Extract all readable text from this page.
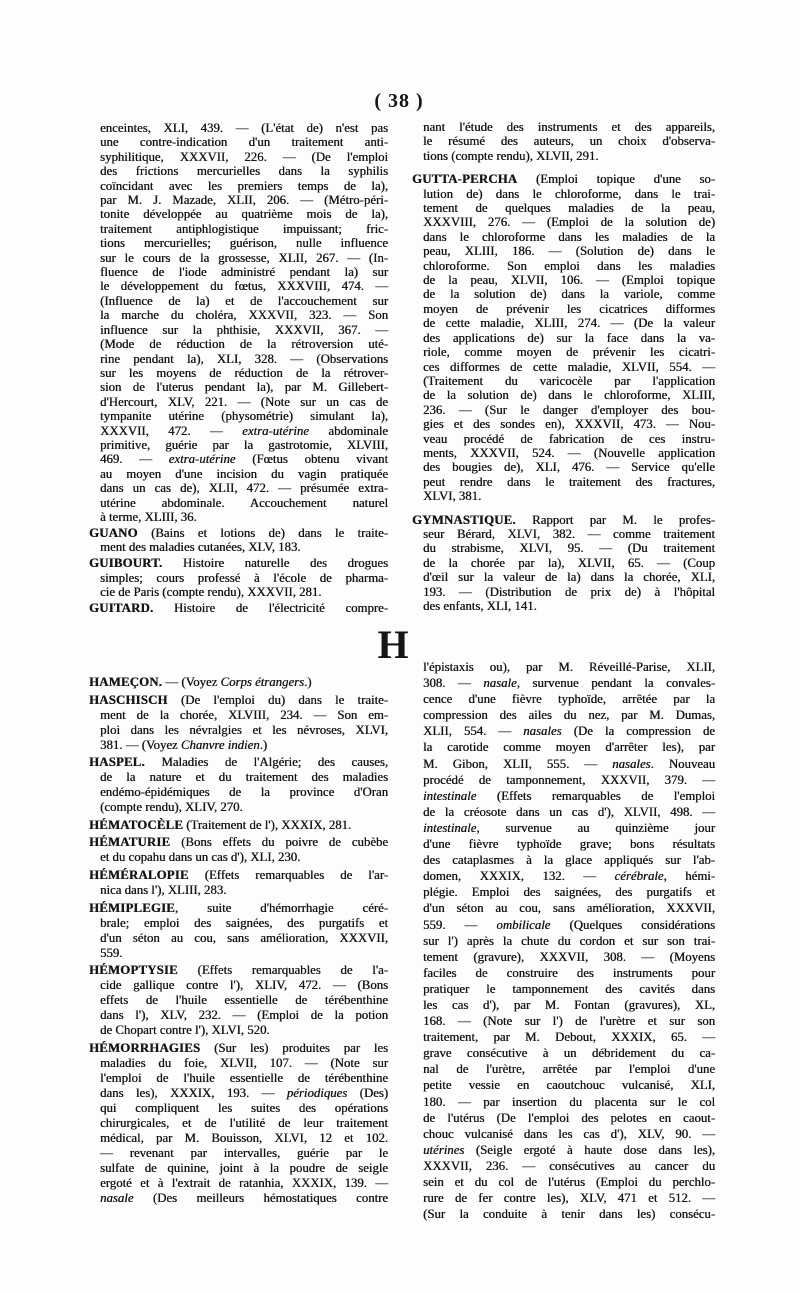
( 38 )
enceintes, XLI, 439. — (L'état de) n'est pas
une contre-indication d'un traitement anti-
syphilitique, XXXVII, 226. — (De l'emploi
des frictions mercurielles dans la syphilis
coïncidant avec les premiers temps de la),
par M. J. Mazade, XLII, 206. — (Métro-péri-
tonite développée au quatrième mois de la),
traitement antiphlogistique impuissant; fric-
tions mercurielles; guérison, nulle influence
sur le cours de la grossesse, XLII, 267. — (In-
fluence de l'iode administré pendant la) sur
le développement du fœtus, XXXVIII, 474. —
(Influence de la) et de l'accouchement sur
la marche du choléra, XXXVII, 323. — Son
influence sur la phthisie, XXXVII, 367. —
(Mode de réduction de la rétroversion uté-
rine pendant la), XLI, 328. — (Observations
sur les moyens de réduction de la rétrover-
sion de l'uterus pendant la), par M. Gillebert-
d'Hercourt, XLV, 221. — (Note sur un cas de
tympanite utérine (physométrie) simulant la),
XXXVII, 472. — extra-utérine abdominale
primitive, guérie par la gastrotomie, XLVIII,
469. — extra-utérine (Fœtus obtenu vivant
au moyen d'une incision du vagin pratiquée
dans un cas de), XLII, 472. — présumée extra-
utérine abdominale. Accouchement naturel
à terme, XLIII, 36.
GUANO (Bains et lotions de) dans le traite-
ment des maladies cutanées, XLV, 183.
GUIBOURT. Histoire naturelle des drogues
simples; cours professé à l'école de pharma-
cie de Paris (compte rendu), XXXVII, 281.
GUITARD. Histoire de l'électricité compre-
nant l'étude des instruments et des appareils,
le résumé des auteurs, un choix d'observa-
tions (compte rendu), XLVII, 291.
GUTTA-PERCHA (Emploi topique d'une so-
lution de) dans le chloroforme, dans le trai-
tement de quelques maladies de la peau,
XXXVIII, 276. — (Emploi de la solution de)
dans le chloroforme dans les maladies de la
peau, XLIII, 186. — (Solution de) dans le
chloroforme. Son emploi dans les maladies
de la peau, XLVII, 106. — (Emploi topique
de la solution de) dans la variole, comme
moyen de prévenir les cicatrices difformes
de cette maladie, XLIII, 274. — (De la valeur
des applications de) sur la face dans la va-
riole, comme moyen de prévenir les cicatri-
ces difformes de cette maladie, XLVII, 554. —
(Traitement du varicocèle par l'application
de la solution de) dans le chloroforme, XLIII,
236. — (Sur le danger d'employer des bou-
gies et des sondes en), XXXVII, 473. — Nou-
veau procédé de fabrication de ces instru-
ments, XXXVII, 524. — (Nouvelle application
des bougies de), XLI, 476. — Service qu'elle
peut rendre dans le traitement des fractures,
XLVI, 381.
GYMNASTIQUE. Rapport par M. le profes-
seur Bérard, XLVI, 382. — comme traitement
du strabisme, XLVI, 95. — (Du traitement
de la chorée par la), XLVII, 65. — (Coup
d'œil sur la valeur de la) dans la chorée, XLI,
193. — (Distribution de prix de) à l'hôpital
des enfants, XLI, 141.
H
HAMEÇON. — (Voyez Corps étrangers.)
HASCHISCH (De l'emploi du) dans le traite-
ment de la chorée, XLVIII, 234. — Son em-
ploi dans les névralgies et les névroses, XLVI,
381. — (Voyez Chanvre indien.)
HASPEL. Maladies de l'Algérie; des causes,
de la nature et du traitement des maladies
endémo-épidémiques de la province d'Oran
(compte rendu), XLIV, 270.
HÉMATOCÈLE (Traitement de l'), XXXIX, 281.
HÉMATURIE (Bons effets du poivre de cubèbe
et du copahu dans un cas d'), XLI, 230.
HÉMÉRALOPIE (Effets remarquables de l'ar-
nica dans l'), XLIII, 283.
HÉMIPLEGIE, suite d'hémorrhagie céré-
brale; emploi des saignées, des purgatifs et
d'un séton au cou, sans amélioration, XXXVII,
559.
HÉMOPTYSIE (Effets remarquables de l'a-
cide gallique contre l'), XLIV, 472. — (Bons
effets de l'huile essentielle de térébenthine
dans l'), XLV, 232. — (Emploi de la potion
de Chopart contre l'), XLVI, 520.
HÉMORRHAGIES (Sur les) produites par les
maladies du foie, XLVII, 107. — (Note sur
l'emploi de l'huile essentielle de térébenthine
dans les), XXXIX, 193. — périodiques (Des)
qui compliquent les suites des opérations
chirurgicales, et de l'utilité de leur traitement
médical, par M. Bouisson, XLVI, 12 et 102.
— revenant par intervalles, guérie par le
sulfate de quinine, joint à la poudre de seigle
ergoté et à l'extrait de ratanhia, XXXIX, 139. —
nasale (Des meilleurs hémostatiques contre
l'épistaxis ou), par M. Réveillé-Parise, XLII,
308. — nasale, survenue pendant la convales-
cence d'une fièvre typhoïde, arrêtée par la
compression des ailes du nez, par M. Dumas,
XLII, 554. — nasales (De la compression de
la carotide comme moyen d'arrêter les), par
M. Gibon, XLII, 555. — nasales. Nouveau
procédé de tamponnement, XXXVII, 379. —
intestinale (Effets remarquables de l'emploi
de la créosote dans un cas d'), XLVII, 498. —
intestinale, survenue au quinzième jour
d'une fièvre typhoïde grave; bons résultats
des cataplasmes à la glace appliqués sur l'ab-
domen, XXXIX, 132. — cérébrale, hémi-
plégie. Emploi des saignées, des purgatifs et
d'un séton au cou, sans amélioration, XXXVII,
559. — ombilicale (Quelques considérations
sur l') après la chute du cordon et sur son trai-
tement (gravure), XXXVII, 308. — (Moyens
faciles de construire des instruments pour
pratiquer le tamponnement des cavités dans
les cas d'), par M. Fontan (gravures), XL,
168. — (Note sur l') de l'urètre et sur son
traitement, par M. Debout, XXXIX, 65. —
grave consécutive à un débridement du ca-
nal de l'urètre, arrêtée par l'emploi d'une
petite vessie en caoutchouc vulcanisé, XLI,
180. — par insertion du placenta sur le col
de l'utérus (De l'emploi des pelotes en caout-
chouc vulcanisé dans les cas d'), XLV, 90. —
utérines (Seigle ergoté à haute dose dans les),
XXXVII, 236. — consécutives au cancer du
sein et du col de l'utérus (Emploi du perchlo-
rure de fer contre les), XLV, 471 et 512. —
(Sur la conduite à tenir dans les) consécu-
